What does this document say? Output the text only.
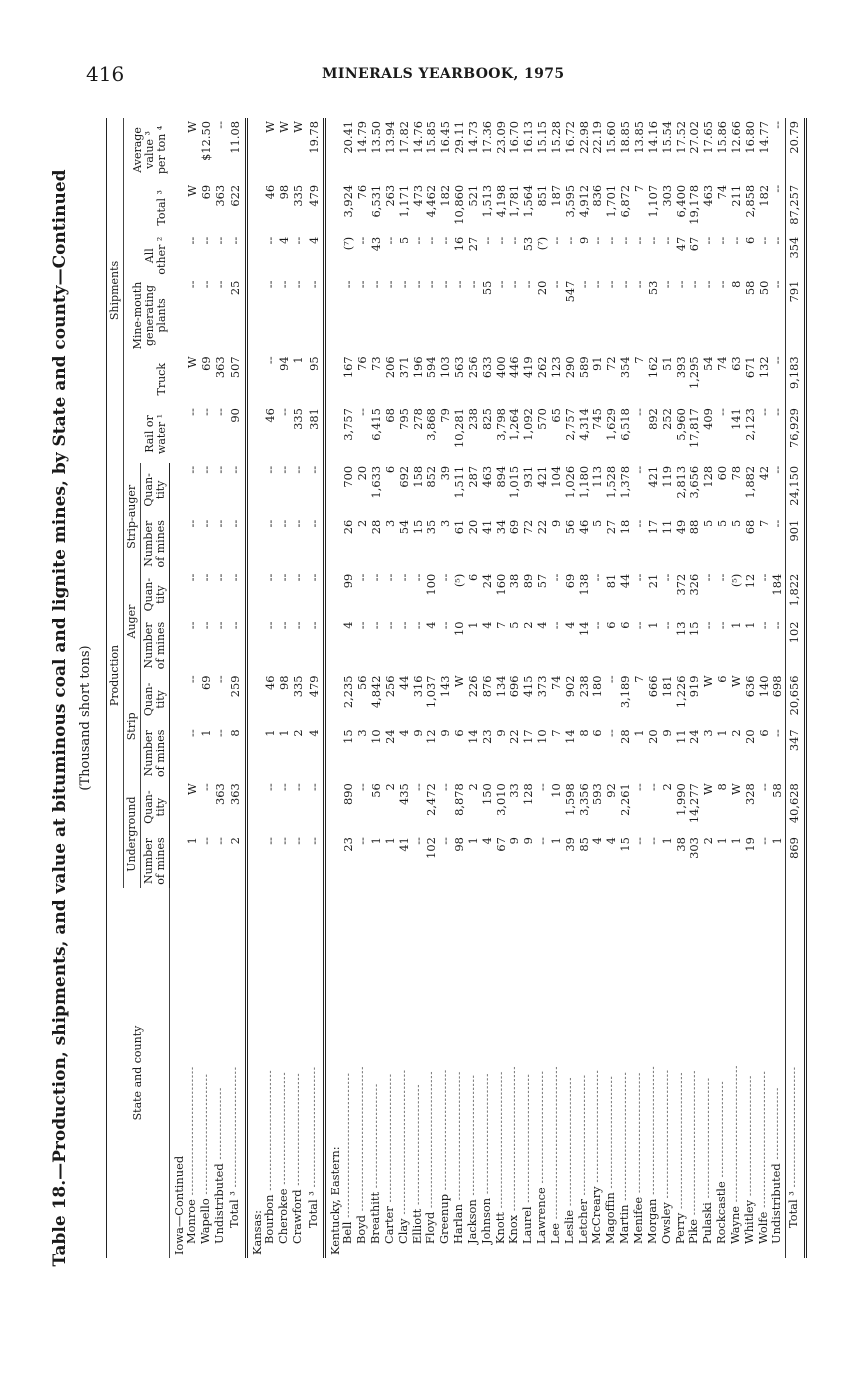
416	MINERALS YEARBOOK, 1975
Table 18.—Production, shipments, and value at bituminous coal and lignite mines, by State and county—Continued (Thousand short tons)
State and county	Production								Shipments					
	Underground		Strip		Auger		Strip-auger		Rail or water ¹	Truck	Mine-mouth generating plants	All other ²	Total ³	Average value ³ per ton ⁴
	Number of mines	Quan-tity	Number of mines	Quan-tity	Number of mines	Quan-tity	Number of mines	Quan-tity						
Iowa—Continued														
Monroe --------------------------------	1	W	--	--	--	--	--	--	--	W	--	--	W	W
Wapello ------------------------------	--	--	1	69	--	--	--	--	--	69	--	--	69	$12.50
Undistributed ------------------	--	363	--	--	--	--	--	--	--	363	--	--	363	--
Total ³ ------------------------------	2	363	8	259	--	--	--	--	90	507	25	--	622	11.08
Kansas:														
Bourbon ------------------------------	--	--	1	46	--	--	--	--	46	--	--	--	46	W
Cherokee ----------------------------	--	--	1	98	--	--	--	--	--	94	--	4	98	W
Crawford ----------------------------	--	--	2	335	--	--	--	--	335	1	--	--	335	W
Total ³ ------------------------------	--	--	4	479	--	--	--	--	381	95	--	4	479	19.78
Kentucky, Eastern:														
Bell ------------------------------------	23	890	15	2,235	4	99	26	700	3,757	167	--	(⁷)	3,924	20.41
Boyd ------------------------------------	--	--	3	56	--	--	2	20	--	76	--	--	76	14.79
Breathitt --------------------------	1	56	10	4,842	--	--	28	1,633	6,415	73	--	43	6,531	13.50
Carter --------------------------------	1	2	24	256	--	--	3	6	68	206	--	--	263	13.94
Clay ------------------------------------	41	435	4	44	--	--	54	692	795	371	--	5	1,171	17.82
Elliott ------------------------------	--	--	9	316	--	--	15	158	278	196	--	--	473	14.76
Floyd ----------------------------------	102	2,472	12	1,037	4	100	35	852	3,868	594	--	--	4,462	15.85
Greenup ------------------------------	--	--	9	143	--	--	3	39	79	103	--	--	182	16.45
Harlan --------------------------------	98	8,878	6	W	10	(⁵)	61	1,511	10,281	563	--	16	10,860	29.11
Jackson ------------------------------	1	2	14	226	1	6	20	287	238	256	--	27	521	14.73
Johnson ------------------------------	4	150	23	876	4	24	41	463	825	633	55	--	1,513	17.36
Knott ----------------------------------	67	3,010	9	134	7	160	34	894	3,798	400	--	--	4,198	23.09
Knox ------------------------------------	9	33	22	696	5	38	69	1,015	1,264	446	--	--	1,781	16.70
Laurel --------------------------------	9	128	17	415	2	89	72	931	1,092	419	--	53	1,564	16.13
Lawrence ----------------------------	--	--	10	373	4	57	22	421	570	262	20	(⁷)	851	15.15
Lee --------------------------------------	1	10	7	74	--	--	9	104	65	123	--	--	187	15.28
Leslie --------------------------------	39	1,598	14	902	4	69	56	1,026	2,757	290	547	--	3,595	16.72
Letcher ------------------------------	85	3,356	8	238	14	138	46	1,180	4,314	589	--	9	4,912	22.98
McCreary ----------------------------	4	593	6	180	--	--	5	113	745	91	--	--	836	22.19
Magoffin ----------------------------	4	92	--	--	6	81	27	1,528	1,629	72	--	--	1,701	15.60
Martin --------------------------------	15	2,261	28	3,189	6	44	18	1,378	6,518	354	--	--	6,872	18.85
Menifee ------------------------------	--	--	1	7	--	--	--	--	--	7	--	--	7	13.85
Morgan --------------------------------	--	--	20	666	1	21	17	421	892	162	53	--	1,107	14.16
Owsley --------------------------------	1	2	9	181	--	--	11	119	252	51	--	--	303	15.54
Perry ----------------------------------	38	1,990	11	1,226	13	372	49	2,813	5,960	393	--	47	6,400	17.52
Pike ------------------------------------	303	14,277	24	919	15	326	88	3,656	17,817	1,295	--	67	19,178	27.02
Pulaski ------------------------------	2	W	3	W	--	--	5	128	409	54	--	--	463	17.65
Rockcastle ------------------------	1	8	1	6	--	--	5	60	--	74	--	--	74	15.86
Wayne ----------------------------------	1	W	2	W	1	(⁵)	5	78	141	63	8	--	211	12.66
Whitley ------------------------------	19	328	20	636	1	12	68	1,882	2,123	671	58	6	2,858	16.80
Wolfe ----------------------------------	--	--	6	140	--	--	7	42	--	132	50	--	182	14.77
Undistributed ------------------	1	58	--	698	--	184	--	--	--	--	--	--	--	--
Total ³ ------------------------------	869	40,628	347	20,656	102	1,822	901	24,150	76,929	9,183	791	354	87,257	20.79
